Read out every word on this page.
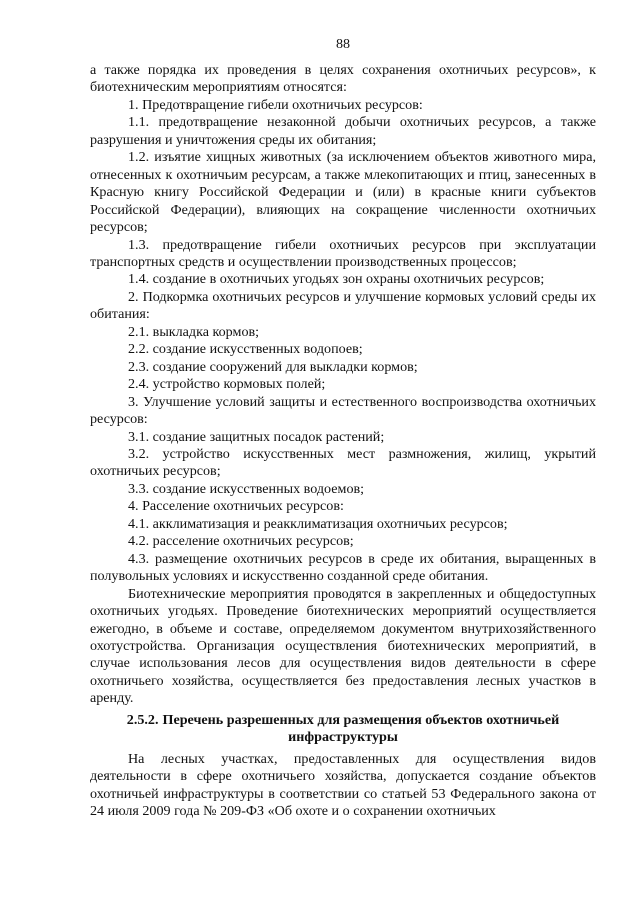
88

а также порядка их проведения в целях сохранения охотничьих ресурсов», к биотехническим мероприятиям относятся:

1. Предотвращение гибели охотничьих ресурсов:

1.1. предотвращение незаконной добычи охотничьих ресурсов, а также разрушения и уничтожения среды их обитания;

1.2. изъятие хищных животных (за исключением объектов животного мира, отнесенных к охотничьим ресурсам, а также млекопитающих и птиц, занесенных в Красную книгу Российской Федерации и (или) в красные книги субъектов Российской Федерации), влияющих на сокращение численности охотничьих ресурсов;

1.3. предотвращение гибели охотничьих ресурсов при эксплуатации транспортных средств и осуществлении производственных процессов;

1.4. создание в охотничьих угодьях зон охраны охотничьих ресурсов;

2. Подкормка охотничьих ресурсов и улучшение кормовых условий среды их обитания:

2.1. выкладка кормов;

2.2. создание искусственных водопоев;

2.3. создание сооружений для выкладки кормов;

2.4. устройство кормовых полей;

3. Улучшение условий защиты и естественного воспроизводства охотничьих ресурсов:

3.1. создание защитных посадок растений;

3.2. устройство искусственных мест размножения, жилищ, укрытий охотничьих ресурсов;

3.3. создание искусственных водоемов;

4. Расселение охотничьих ресурсов:

4.1. акклиматизация и реакклиматизация охотничьих ресурсов;

4.2. расселение охотничьих ресурсов;

4.3. размещение охотничьих ресурсов в среде их обитания, выращенных в полувольных условиях и искусственно созданной среде обитания.

Биотехнические мероприятия проводятся в закрепленных и общедоступных охотничьих угодьях. Проведение биотехнических мероприятий осуществляется ежегодно, в объеме и составе, определяемом документом внутрихозяйственного охотустройства. Организация осуществления биотехнических мероприятий, в случае использования лесов для осуществления видов деятельности в сфере охотничьего хозяйства, осуществляется без предоставления лесных участков в аренду.

2.5.2. Перечень разрешенных для размещения объектов охотничьей инфраструктуры

На лесных участках, предоставленных для осуществления видов деятельности в сфере охотничьего хозяйства, допускается создание объектов охотничьей инфраструктуры в соответствии со статьей 53 Федерального закона от 24 июля 2009 года № 209-ФЗ «Об охоте и о сохранении охотничьих
